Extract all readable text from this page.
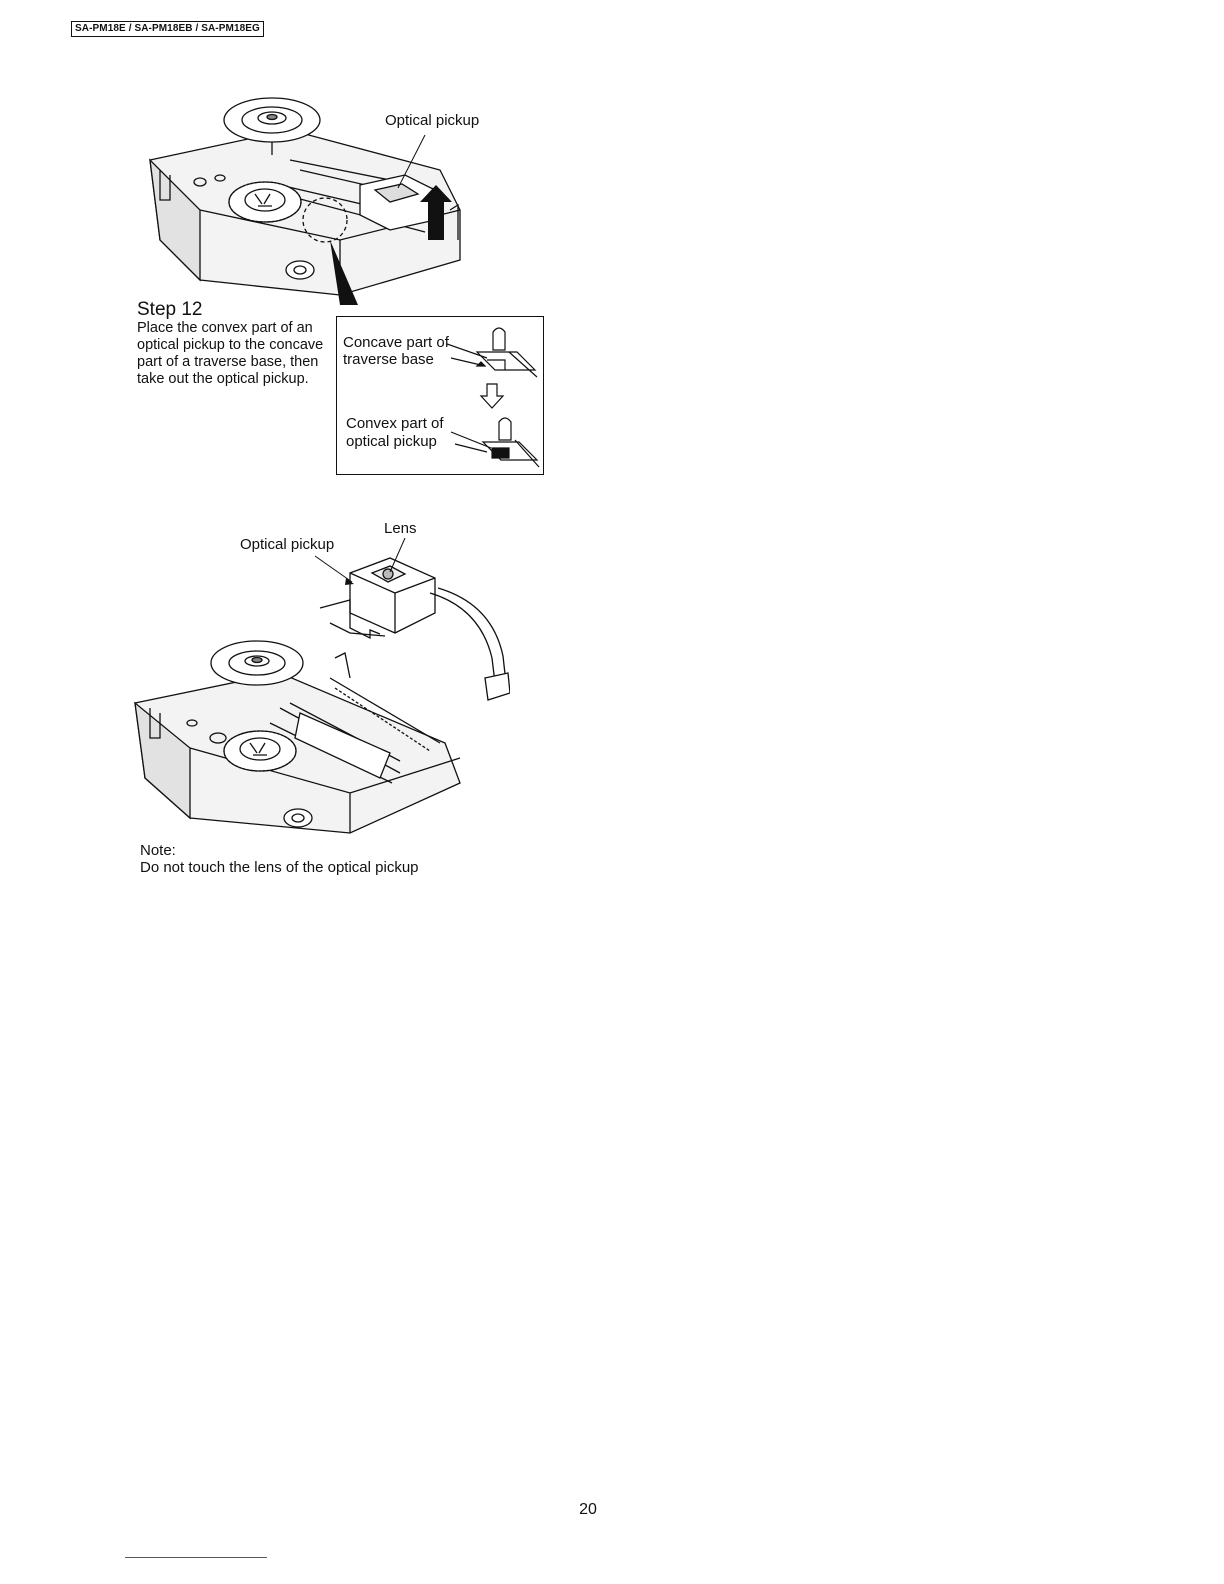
SA-PM18E / SA-PM18EB / SA-PM18EG
Optical pickup
Step 12
Place the convex part of an optical pickup to the concave part of a traverse base, then take out the optical pickup.
Concave part of
traverse base
Convex part of
optical pickup
Lens
Optical pickup
Note:
Do not touch the lens of the optical pickup
20
